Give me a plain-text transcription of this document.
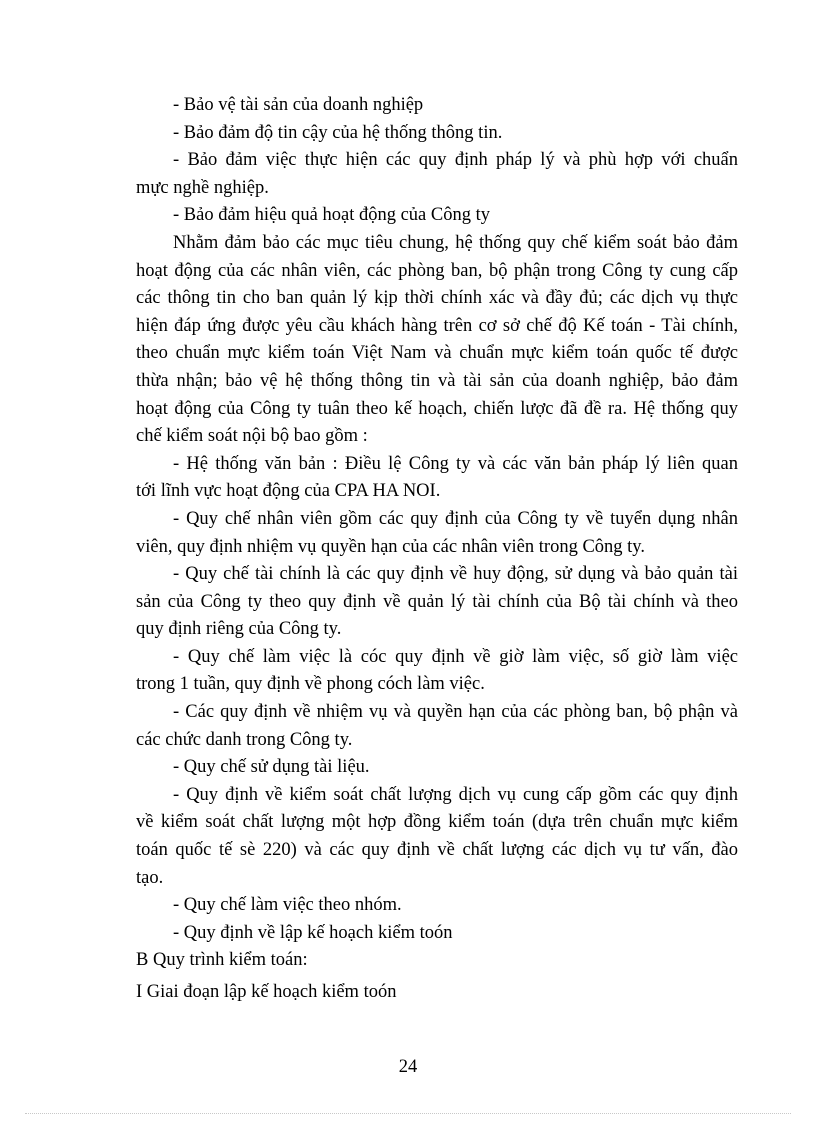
- Bảo vệ tài sản của doanh nghiệp
- Bảo đảm độ tin cậy của hệ thống thông tin.
- Bảo đảm việc thực hiện các quy định pháp lý và phù hợp với chuẩn
mực nghề nghiệp.
- Bảo đảm hiệu quả hoạt động của Công ty
Nhằm đảm bảo các mục tiêu chung, hệ thống quy chế kiểm soát bảo đảm
hoạt động của các nhân viên, các phòng ban, bộ phận trong Công ty cung cấp
các thông tin cho ban quản lý kịp thời chính xác và đầy đủ; các dịch vụ thực
hiện đáp ứng được yêu cầu khách hàng trên cơ sở chế độ Kế toán - Tài chính,
theo chuẩn mực kiểm toán Việt Nam và chuẩn mực kiểm toán quốc tế được
thừa nhận; bảo vệ hệ thống thông tin và tài sản của doanh nghiệp, bảo đảm
hoạt động của Công ty tuân theo kế hoạch, chiến lược đã đề ra. Hệ thống quy
chế kiểm soát nội bộ bao gồm :
- Hệ thống văn bản : Điều lệ Công ty và các văn bản pháp lý liên quan
tới lĩnh vực hoạt động của CPA HA NOI.
- Quy chế nhân viên gồm các quy định của Công ty về tuyển dụng nhân
viên, quy định nhiệm vụ quyền hạn của các nhân viên trong Công ty.
- Quy chế tài chính là các quy định về huy động, sử dụng và bảo quản tài
sản của Công ty theo quy định về quản lý tài chính của Bộ tài chính và theo
quy định riêng của Công ty.
- Quy chế làm việc là cóc quy định về giờ làm việc, số giờ làm việc
trong 1 tuần, quy định về phong cóch làm việc.
- Các quy định về nhiệm vụ và quyền hạn của các phòng ban, bộ phận và
các chức danh trong Công ty.
- Quy chế sử dụng tài liệu.
- Quy định về kiểm soát chất lượng dịch vụ cung cấp gồm các quy định
về kiểm soát chất lượng một hợp đồng kiểm toán (dựa trên chuẩn mực kiểm
toán quốc tế sè 220) và các quy định về chất lượng các dịch vụ tư vấn, đào
tạo.
- Quy chế làm việc theo nhóm.
- Quy định về lập kế hoạch kiểm toón
B Quy trình kiểm toán:
I Giai đoạn lập kế hoạch kiểm toón
24
